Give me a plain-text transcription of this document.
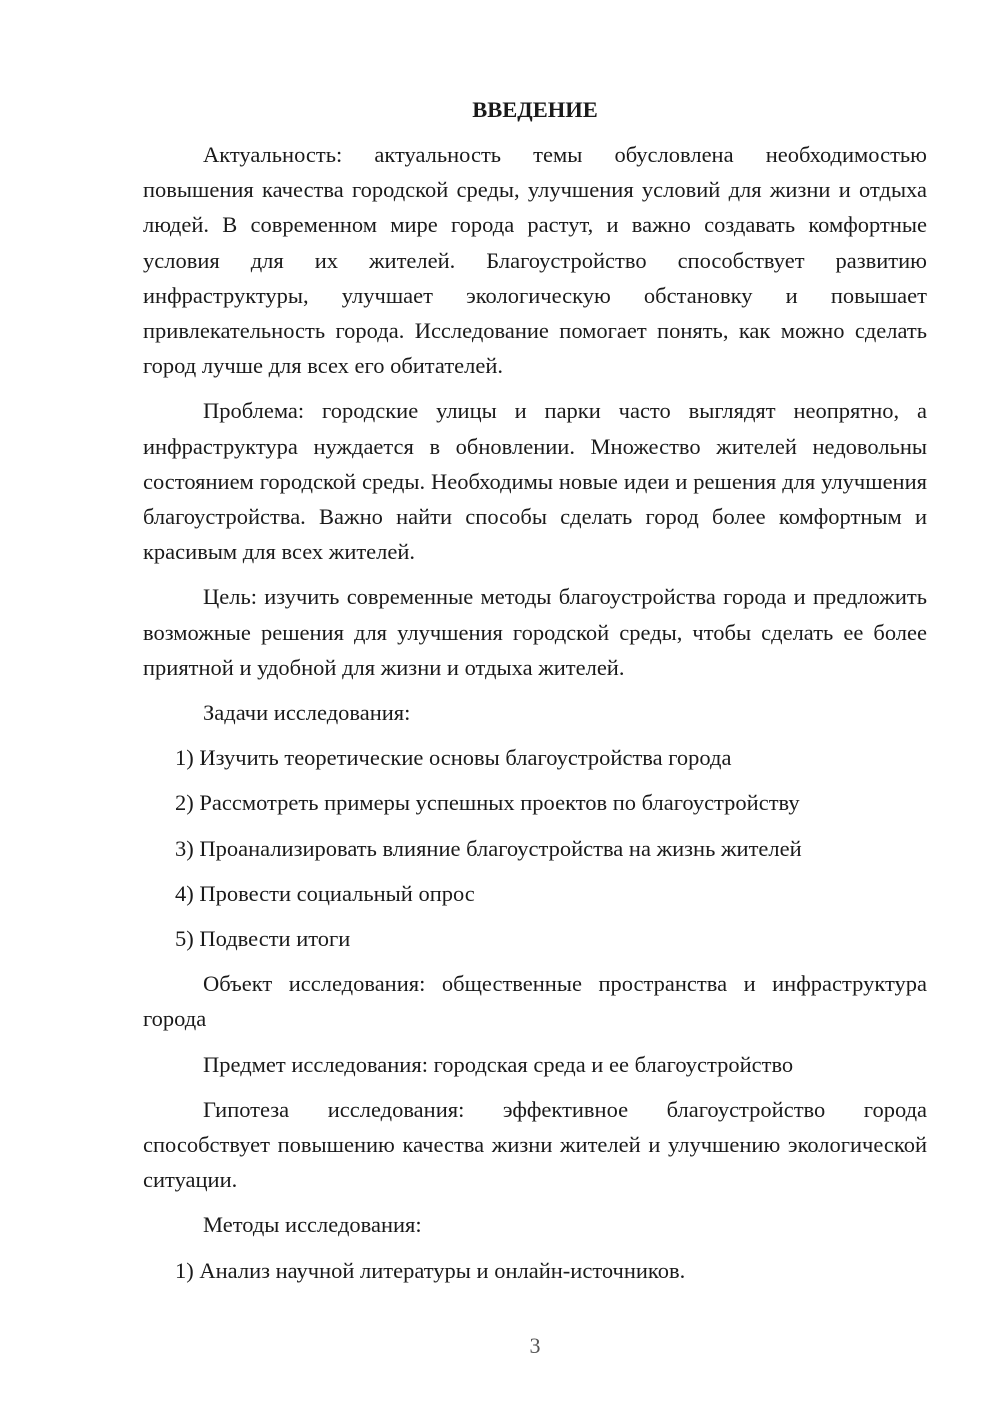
ВВЕДЕНИЕ
Актуальность: актуальность темы обусловлена необходимостью повышения качества городской среды, улучшения условий для жизни и отдыха людей. В современном мире города растут, и важно создавать комфортные условия для их жителей. Благоустройство способствует развитию инфраструктуры, улучшает экологическую обстановку и повышает привлекательность города. Исследование помогает понять, как можно сделать город лучше для всех его обитателей.
Проблема: городские улицы и парки часто выглядят неопрятно, а инфраструктура нуждается в обновлении. Множество жителей недовольны состоянием городской среды. Необходимы новые идеи и решения для улучшения благоустройства. Важно найти способы сделать город более комфортным и красивым для всех жителей.
Цель: изучить современные методы благоустройства города и предложить возможные решения для улучшения городской среды, чтобы сделать ее более приятной и удобной для жизни и отдыха жителей.
Задачи исследования:
1) Изучить теоретические основы благоустройства города
2) Рассмотреть примеры успешных проектов по благоустройству
3) Проанализировать влияние благоустройства на жизнь жителей
4) Провести социальный опрос
5) Подвести итоги
Объект исследования: общественные пространства и инфраструктура города
Предмет исследования: городская среда и ее благоустройство
Гипотеза исследования: эффективное благоустройство города способствует повышению качества жизни жителей и улучшению экологической ситуации.
Методы исследования:
1) Анализ научной литературы и онлайн-источников.
3
